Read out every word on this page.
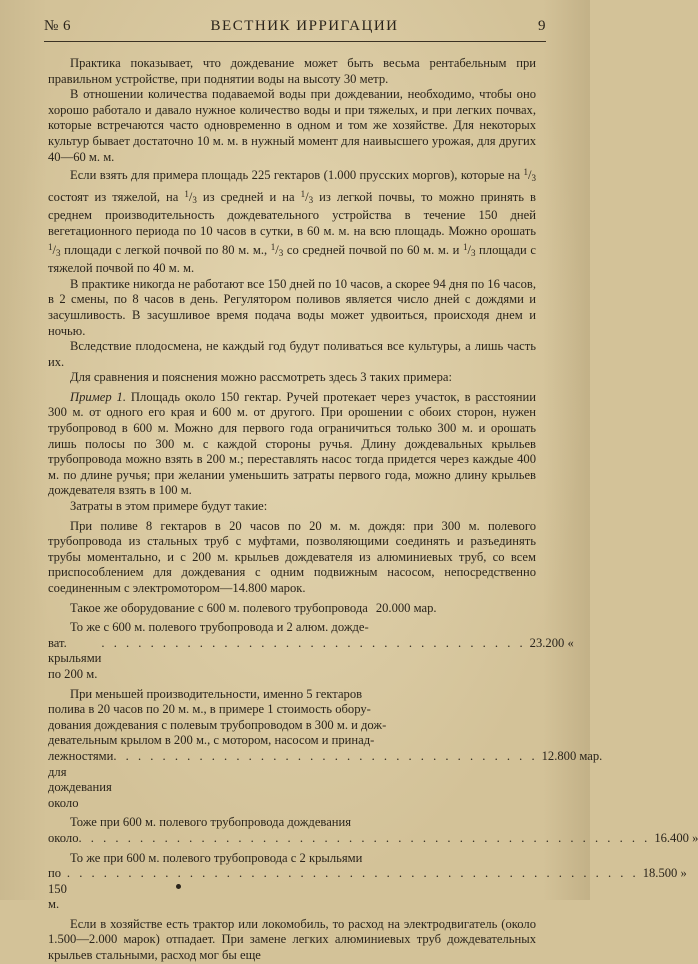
№ 6	ВЕСТНИК ИРРИГАЦИИ	9

Практика показывает, что дождевание может быть весьма рентабельным при правильном устройстве, при поднятии воды на высоту 30 метр.

В отношении количества подаваемой воды при дождевании, необходимо, чтобы оно хорошо работало и давало нужное количество воды и при тяжелых, и при легких почвах, которые встречаются часто одновременно в одном и том же хозяйстве. Для некоторых культур бывает достаточно 10 м. м. в нужный момент для наивысшего урожая, для других 40—60 м. м.

Если взять для примера площадь 225 гектаров (1.000 прусских моргов), которые на $^1/_3$ состоят из тяжелой, на $^1/_3$ из средней и на $^1/_3$ из легкой почвы, то можно принять в среднем производительность дождевательного устройства в течение 150 дней вегетационного периода по 10 часов в сутки, в 60 м. м. на всю площадь. Можно орошать $^1/_3$ площади с легкой почвой по 80 м. м., $^1/_3$ со средней почвой по 60 м. м. и $^1/_3$ площади с тяжелой почвой по 40 м. м.

В практике никогда не работают все 150 дней по 10 часов, а скорее 94 дня по 16 часов, в 2 смены, по 8 часов в день. Регулятором поливов является число дней с дождями и засушливость. В засушливое время подача воды может удвоиться, происходя днем и ночью.

Вследствие плодосмена, не каждый год будут поливаться все культуры, а лишь часть их.

Для сравнения и пояснения можно рассмотреть здесь 3 таких примера:

Пример 1. Площадь около 150 гектар. Ручей протекает через участок, в расстоянии 300 м. от одного его края и 600 м. от другого. При орошении с обоих сторон, нужен трубопровод в 600 м. Можно для первого года ограничиться только 300 м. и орошать лишь полосы по 300 м. с каждой стороны ручья. Длину дождевальных крыльев трубопровода можно взять в 200 м.; переставлять насос тогда придется через каждые 400 м. по длине ручья; при желании уменьшить затраты первого года, можно длину крыльев дождевателя взять в 100 м.

Затраты в этом примере будут такие:

При поливе 8 гектаров в 20 часов по 20 м. м. дождя: при 300 м. полевого трубопровода из стальных труб с муфтами, позволяющими соединять и разъединять трубы моментально, и с 200 м. крыльев дождевателя из алюминиевых труб, со всем приспособлением для дождевания с одним подвижным насосом, непосредственно соединенным с электромотором—14.800 марок.

Такое же оборудование с 600 м. полевого трубопровода 20.000 мар.
То же с 600 м. полевого трубопровода и 2 алюм. дожде-
ват. крыльями по 200 м.
. . . . . . . . . . . . . . . . . . . . . . . . . . . . . . . . . . . 23.200 «
При меньшей производительности, именно 5 гектаров
полива в 20 часов по 20 м. м., в примере 1 стоимость обору-
дования дождевания с полевым трубопроводом в 300 м. и дож-
девательным крылом в 200 м., с мотором, насосом и принад-
лежностями для дождевания около
. . . . . . . . . . . . . . . . . . . . . . . . . . . . . . . . . . . 12.800 мар.
Тоже при 600 м. полевого трубопровода дождевания
около . . . . . . . . . . . . . . . . . . . . . . . . . . . . . . . . . . . . . . . . . . . . . . . 16.400 »
То же при 600 м. полевого трубопровода с 2 крыльями
по 150 м.
. . . . . . . . . . . . . . . . . . . . . . . . . . . . . . . . . . . . . . . . . . . . . . . 18.500 »

Если в хозяйстве есть трактор или локомобиль, то расход на электродвигатель (около 1.500—2.000 марок) отпадает. При замене легких алюминиевых труб дождевательных крыльев стальными, расход мог бы еще
